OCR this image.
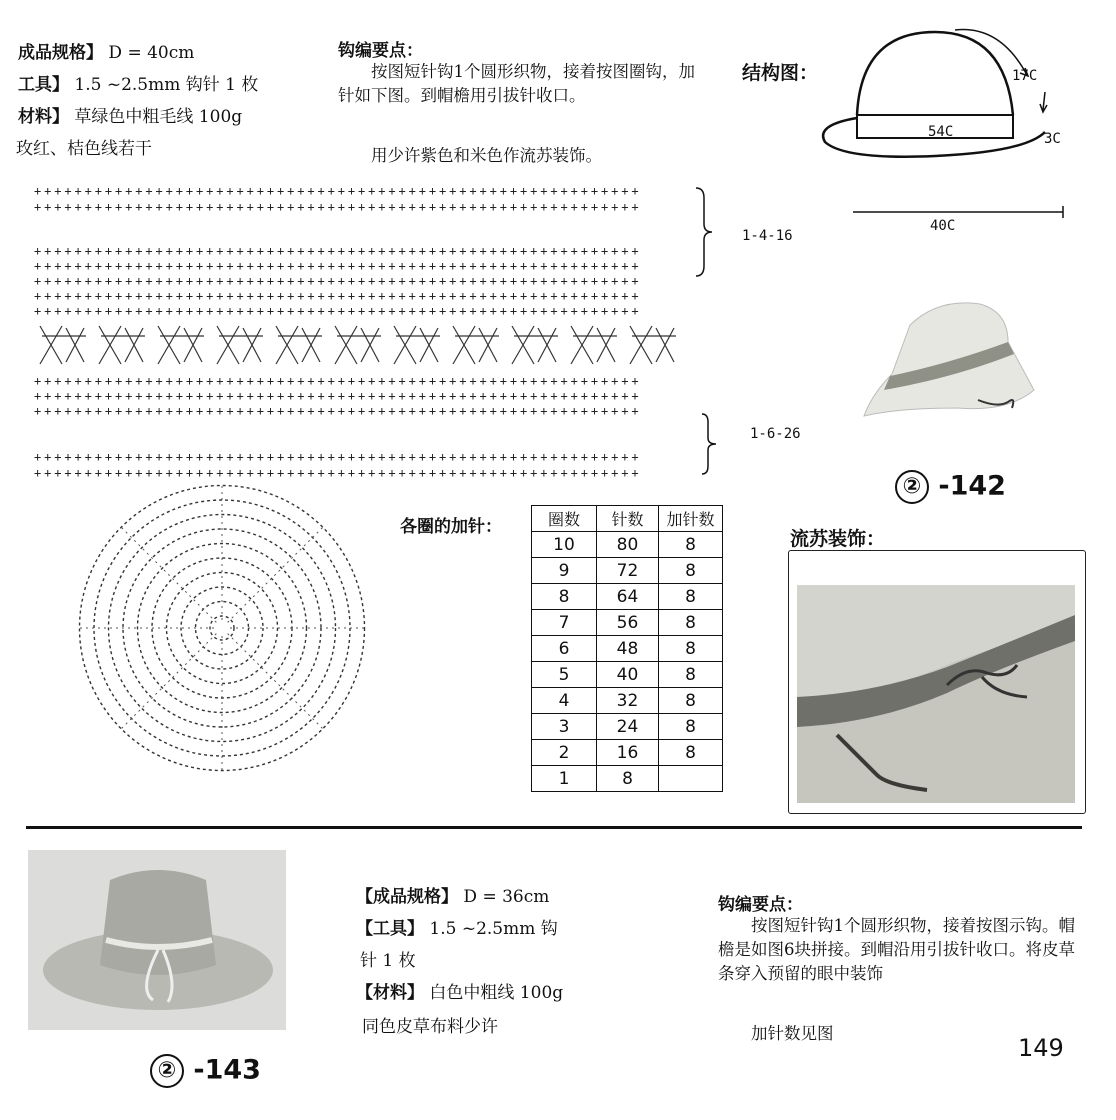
成品规格】 D = 40cm
工具】 1.5 ~2.5mm 钩针 1 枚
材料】 草绿色中粗毛线 100g
玫红、桔色线若干
钩编要点：
按图短针钩1个圆形织物，接着按图圈钩，加针如下图。到帽檐用引拔针收口。
用少许紫色和米色作流苏装饰。
结构图：	17C
54C	3C
40C
++++++++++++++++++++++++++++++++++++++++++++++++++++++++++++
++++++++++++++++++++++++++++++++++++++++++++++++++++++++++++
++++++++++++++++++++++++++++++++++++++++++++++++++++++++++++
++++++++++++++++++++++++++++++++++++++++++++++++++++++++++++
++++++++++++++++++++++++++++++++++++++++++++++++++++++++++++
++++++++++++++++++++++++++++++++++++++++++++++++++++++++++++
++++++++++++++++++++++++++++++++++++++++++++++++++++++++++++
++++++++++++++++++++++++++++++++++++++++++++++++++++++++++++
++++++++++++++++++++++++++++++++++++++++++++++++++++++++++++
++++++++++++++++++++++++++++++++++++++++++++++++++++++++++++
++++++++++++++++++++++++++++++++++++++++++++++++++++++++++++
++++++++++++++++++++++++++++++++++++++++++++++++++++++++++++
1-4-16
1-6-26
② -142
各圈的加针：	圈数	针数	加针数
10	80	8
9	72	8
8	64	8
7	56	8
6	48	8
5	40	8
4	32	8
3	24	8
2	16	8
1	8	
流苏装饰：
② -143
【成品规格】 D = 36cm
【工具】 1.5 ~2.5mm 钩
针 1 枚
【材料】 白色中粗线 100g
同色皮草布料少许
钩编要点：
按图短针钩1个圆形织物，接着按图示钩。帽檐是如图6块拼接。到帽沿用引拔针收口。将皮草条穿入预留的眼中装饰
加针数见图
149
